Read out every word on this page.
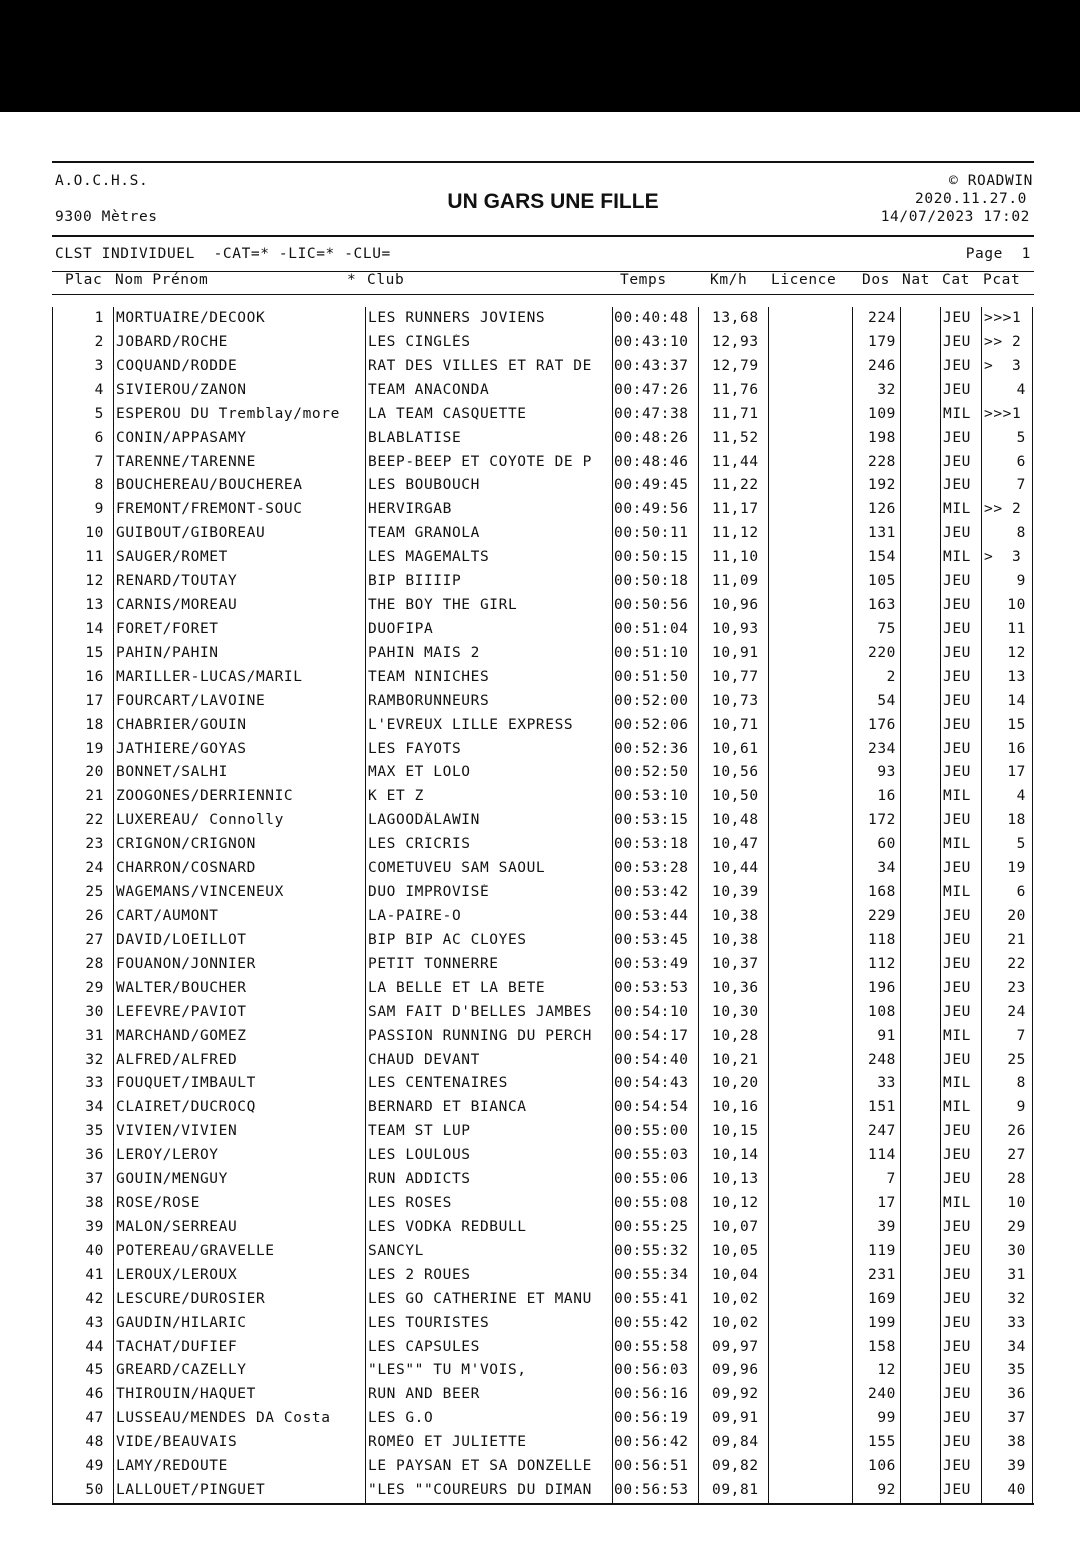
A.O.C.H.S.
9300 Mètres
UN GARS UNE FILLE
© ROADWIN
2020.11.27.0
14/07/2023 17:02
CLST INDIVIDUEL  -CAT=* -LIC=* -CLU=	Page  1
Plac Nom Prénom	* Club	Temps	Km/h Licence Dos Nat Cat Pcat
1 MORTUAIRE/DECOOK	LES RUNNERS JOVIENS	00:40:48	13,68	224	JEU >>>1
2 JOBARD/ROCHE	LES CINGLÉS	00:43:10	12,93	179	JEU >> 2
3 COQUAND/RODDE	RAT DES VILLES ET RAT DE	00:43:37	12,79	246	JEU >  3
4 SIVIEROU/ZANON	TEAM ANACONDA	00:47:26	11,76	32	JEU	4
5 ESPEROU DU Tremblay/more	LA TEAM CASQUETTE	00:47:38	11,71	109	MIL >>>1
6 CONIN/APPASAMY	BLABLATISE	00:48:26	11,52	198	JEU	5
7 TARENNE/TARENNE	BEEP-BEEP ET COYOTE DE P	00:48:46	11,44	228	JEU	6
8 BOUCHEREAU/BOUCHEREA	LES BOUBOUCH	00:49:45	11,22	192	JEU	7
9 FREMONT/FREMONT-SOUC	HERVIRGAB	00:49:56	11,17	126	MIL >> 2
10 GUIBOUT/GIBOREAU	TEAM GRANOLA	00:50:11	11,12	131	JEU	8
11 SAUGER/ROMET	LES MAGEMALTS	00:50:15	11,10	154	MIL >  3
12 RENARD/TOUTAY	BIP BIIIIP	00:50:18	11,09	105	JEU	9
13 CARNIS/MOREAU	THE BOY THE GIRL	00:50:56	10,96	163	JEU	10
14 FORET/FORET	DUOFIPA	00:51:04	10,93	75	JEU	11
15 PAHIN/PAHIN	PAHIN MAIS 2	00:51:10	10,91	220	JEU	12
16 MARILLER-LUCAS/MARIL	TEAM NINICHES	00:51:50	10,77	2	JEU	13
17 FOURCART/LAVOINE	RAMBORUNNEURS	00:52:00	10,73	54	JEU	14
18 CHABRIER/GOUIN	L'EVREUX LILLE EXPRESS	00:52:06	10,71	176	JEU	15
19 JATHIERE/GOYAS	LES FAYOTS	00:52:36	10,61	234	JEU	16
20 BONNET/SALHI	MAX ET LOLO	00:52:50	10,56	93	JEU	17
21 ZOOGONES/DERRIENNIC	K ET Z	00:53:10	10,50	16	MIL	4
22 LUXEREAU/ Connolly	LAGOODÄLAWIN	00:53:15	10,48	172	JEU	18
23 CRIGNON/CRIGNON	LES CRICRIS	00:53:18	10,47	60	MIL	5
24 CHARRON/COSNARD	COMETUVEU SAM SAOUL	00:53:28	10,44	34	JEU	19
25 WAGEMANS/VINCENEUX	DUO IMPROVISÉ	00:53:42	10,39	168	MIL	6
26 CART/AUMONT	LA-PAIRE-O	00:53:44	10,38	229	JEU	20
27 DAVID/LOEILLOT	BIP BIP AC CLOYES	00:53:45	10,38	118	JEU	21
28 FOUANON/JONNIER	PETIT TONNERRE	00:53:49	10,37	112	JEU	22
29 WALTER/BOUCHER	LA BELLE ET LA BETE	00:53:53	10,36	196	JEU	23
30 LEFEVRE/PAVIOT	SAM FAIT D'BELLES JAMBES	00:54:10	10,30	108	JEU	24
31 MARCHAND/GOMEZ	PASSION RUNNING DU PERCH	00:54:17	10,28	91	MIL	7
32 ALFRED/ALFRED	CHAUD DEVANT	00:54:40	10,21	248	JEU	25
33 FOUQUET/IMBAULT	LES CENTENAIRES	00:54:43	10,20	33	MIL	8
34 CLAIRET/DUCROCQ	BERNARD ET BIANCA	00:54:54	10,16	151	MIL	9
35 VIVIEN/VIVIEN	TEAM ST LUP	00:55:00	10,15	247	JEU	26
36 LEROY/LEROY	LES LOULOUS	00:55:03	10,14	114	JEU	27
37 GOUIN/MENGUY	RUN ADDICTS	00:55:06	10,13	7	JEU	28
38 ROSE/ROSE	LES ROSES	00:55:08	10,12	17	MIL	10
39 MALON/SERREAU	LES VODKA REDBULL	00:55:25	10,07	39	JEU	29
40 POTEREAU/GRAVELLE	SANCYL	00:55:32	10,05	119	JEU	30
41 LEROUX/LEROUX	LES 2 ROUES	00:55:34	10,04	231	JEU	31
42 LESCURE/DUROSIER	LES GO CATHERINE ET MANU	00:55:41	10,02	169	JEU	32
43 GAUDIN/HILARIC	LES TOURISTES	00:55:42	10,02	199	JEU	33
44 TACHAT/DUFIEF	LES CAPSULES	00:55:58	09,97	158	JEU	34
45 GREARD/CAZELLY	"LES"" TU M'VOIS,	00:56:03	09,96	12	JEU	35
46 THIROUIN/HAQUET	RUN AND BEER	00:56:16	09,92	240	JEU	36
47 LUSSEAU/MENDES DA Costa	LES G.O	00:56:19	09,91	99	JEU	37
48 VIDE/BEAUVAIS	ROMÉO ET JULIETTE	00:56:42	09,84	155	JEU	38
49 LAMY/REDOUTE	LE PAYSAN ET SA DONZELLE	00:56:51	09,82	106	JEU	39
50 LALLOUET/PINGUET	"LES ""COUREURS DU DIMAN	00:56:53	09,81	92	JEU	40
